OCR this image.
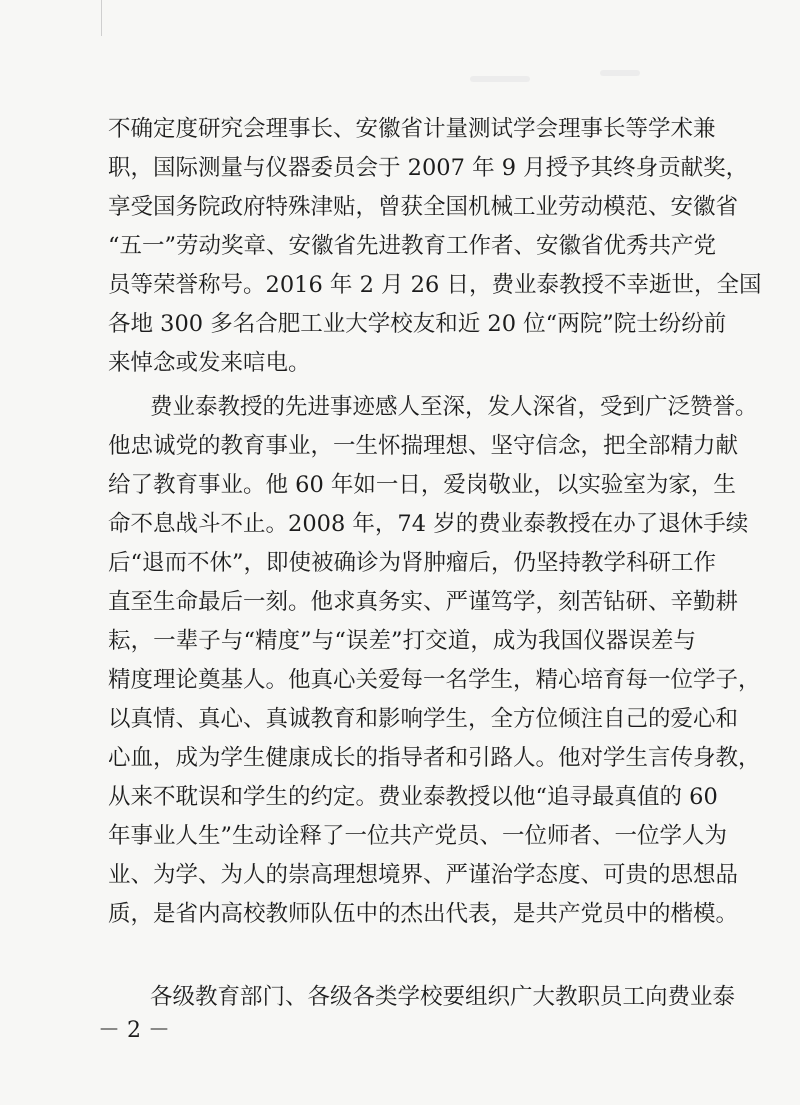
不确定度研究会理事长、安徽省计量测试学会理事长等学术兼
职，国际测量与仪器委员会于 2007 年 9 月授予其终身贡献奖，
享受国务院政府特殊津贴，曾获全国机械工业劳动模范、安徽省
“五一”劳动奖章、安徽省先进教育工作者、安徽省优秀共产党
员等荣誉称号。2016 年 2 月 26 日，费业泰教授不幸逝世，全国
各地 300 多名合肥工业大学校友和近 20 位“两院”院士纷纷前
来悼念或发来唁电。
费业泰教授的先进事迹感人至深，发人深省，受到广泛赞誉。
他忠诚党的教育事业，一生怀揣理想、坚守信念，把全部精力献
给了教育事业。他 60 年如一日，爱岗敬业，以实验室为家，生
命不息战斗不止。2008 年，74 岁的费业泰教授在办了退休手续
后“退而不休”，即使被确诊为肾肿瘤后，仍坚持教学科研工作
直至生命最后一刻。他求真务实、严谨笃学，刻苦钻研、辛勤耕
耘，一辈子与“精度”与“误差”打交道，成为我国仪器误差与
精度理论奠基人。他真心关爱每一名学生，精心培育每一位学子，
以真情、真心、真诚教育和影响学生，全方位倾注自己的爱心和
心血，成为学生健康成长的指导者和引路人。他对学生言传身教，
从来不耽误和学生的约定。费业泰教授以他“追寻最真值的 60
年事业人生”生动诠释了一位共产党员、一位师者、一位学人为
业、为学、为人的崇高理想境界、严谨治学态度、可贵的思想品
质，是省内高校教师队伍中的杰出代表，是共产党员中的楷模。
各级教育部门、各级各类学校要组织广大教职员工向费业泰
－ 2 －
